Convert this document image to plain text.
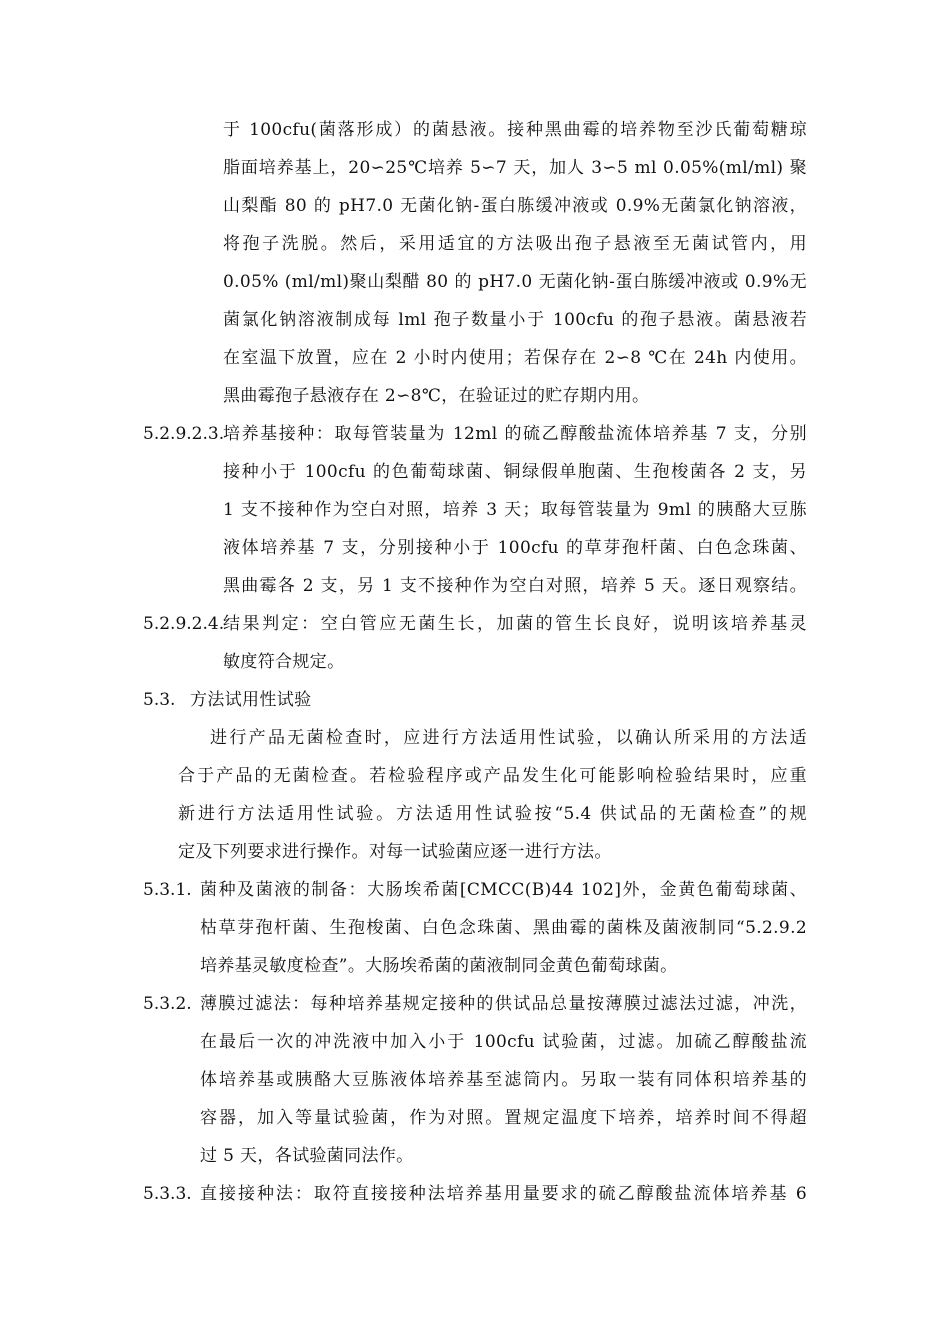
于 100cfu(菌落形成）的菌悬液。接种黑曲霉的培养物至沙氏葡萄糖琼
脂面培养基上，20∽25℃培养 5∽7 天，加人 3∽5 ml 0.05%(ml/ml) 聚
山梨酯 80 的 pH7.0 无菌化钠-蛋白胨缓冲液或 0.9%无菌氯化钠溶液，
将孢子洗脱。然后，采用适宜的方法吸出孢子悬液至无菌试管内，用
0.05% (ml/ml)聚山梨醋 80 的 pH7.0 无菌化钠-蛋白胨缓冲液或 0.9%无
菌氯化钠溶液制成每 lml 孢子数量小于 100cfu 的孢子悬液。菌悬液若
在室温下放置，应在 2 小时内使用；若保存在 2∽8 ℃在 24h 内使用。
黑曲霉孢子悬液存在 2∽8℃，在验证过的贮存期内用。
5.2.9.2.3.
培养基接种：取每管装量为 12ml 的硫乙醇酸盐流体培养基 7 支，分别
接种小于 100cfu 的色葡萄球菌、铜绿假单胞菌、生孢梭菌各 2 支，另
1 支不接种作为空白对照，培养 3 天；取每管装量为 9ml 的胰酪大豆胨
液体培养基 7 支，分别接种小于 100cfu 的草芽孢杆菌、白色念珠菌、
黑曲霉各 2 支，另 1 支不接种作为空白对照，培养 5 天。逐日观察结。
5.2.9.2.4.
结果判定：空白管应无菌生长，加菌的管生长良好，说明该培养基灵
敏度符合规定。
5.3. 方法试用性试验
进行产品无菌检查时，应进行方法适用性试验，以确认所采用的方法适
合于产品的无菌检查。若检验程序或产品发生化可能影响检验结果时，应重
新进行方法适用性试验。方法适用性试验按“5.4 供试品的无菌检查”的规
定及下列要求进行操作。对每一试验菌应逐一进行方法。
5.3.1. 菌种及菌液的制备：大肠埃希菌[CMCC(B)44 102]外，金黄色葡萄球菌、
枯草芽孢杆菌、生孢梭菌、白色念珠菌、黑曲霉的菌株及菌液制同“5.2.9.2
培养基灵敏度检查”。大肠埃希菌的菌液制同金黄色葡萄球菌。
5.3.2. 薄膜过滤法：每种培养基规定接种的供试品总量按薄膜过滤法过滤，冲洗，
在最后一次的冲洗液中加入小于 100cfu 试验菌，过滤。加硫乙醇酸盐流
体培养基或胰酪大豆胨液体培养基至滤筒内。另取一装有同体积培养基的
容器，加入等量试验菌，作为对照。置规定温度下培养，培养时间不得超
过 5 天，各试验菌同法作。
5.3.3. 直接接种法：取符直接接种法培养基用量要求的硫乙醇酸盐流体培养基 6
